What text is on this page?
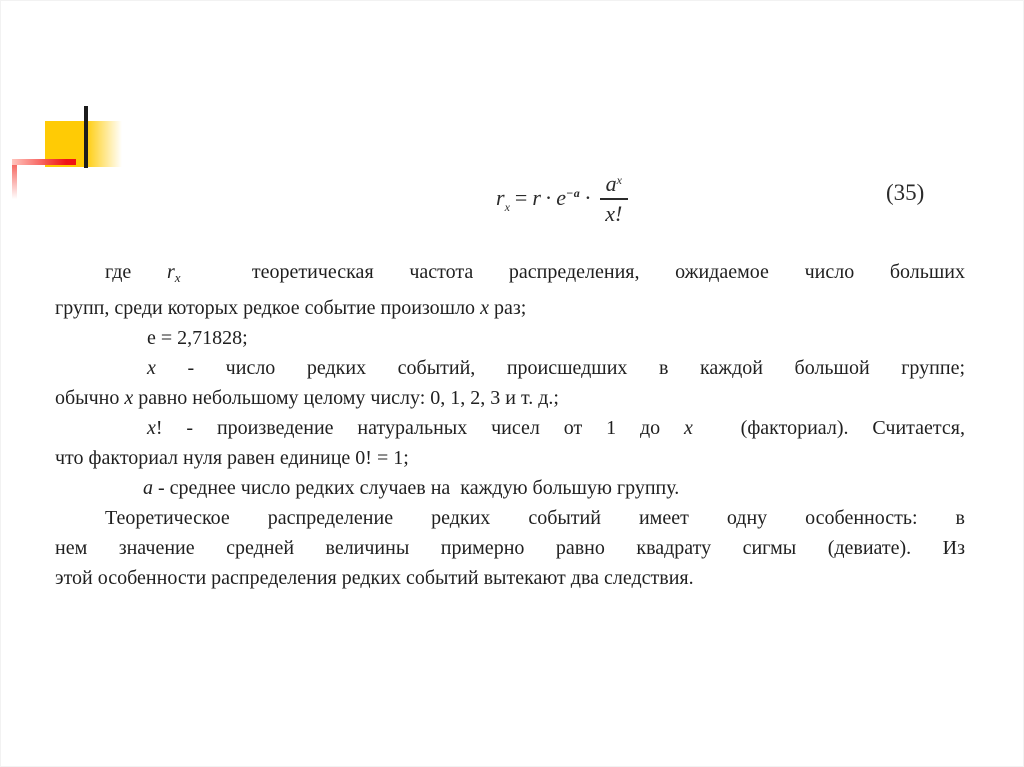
$r_x = r \cdot e^{-a} \cdot \frac{a^x}{x!}$	(35)
где $r_x$  теоретическая частота распределения, ожидаемое число больших
групп, среди которых редкое событие произошло х раз;
е = 2,71828;
х - число редких событий, происшедших в каждой большой группе;
обычно х равно небольшому целому числу: 0, 1, 2, 3 и т. д.;
х! - произведение натуральных чисел от 1 до х  (факториал). Считается,
что факториал нуля равен единице 0! = 1;
а - среднее число редких случаев на  каждую большую группу.
Теоретическое распределение редких событий имеет одну особенность: в
нем значение средней величины примерно равно квадрату сигмы (девиате). Из
этой особенности распределения редких событий вытекают два следствия.
